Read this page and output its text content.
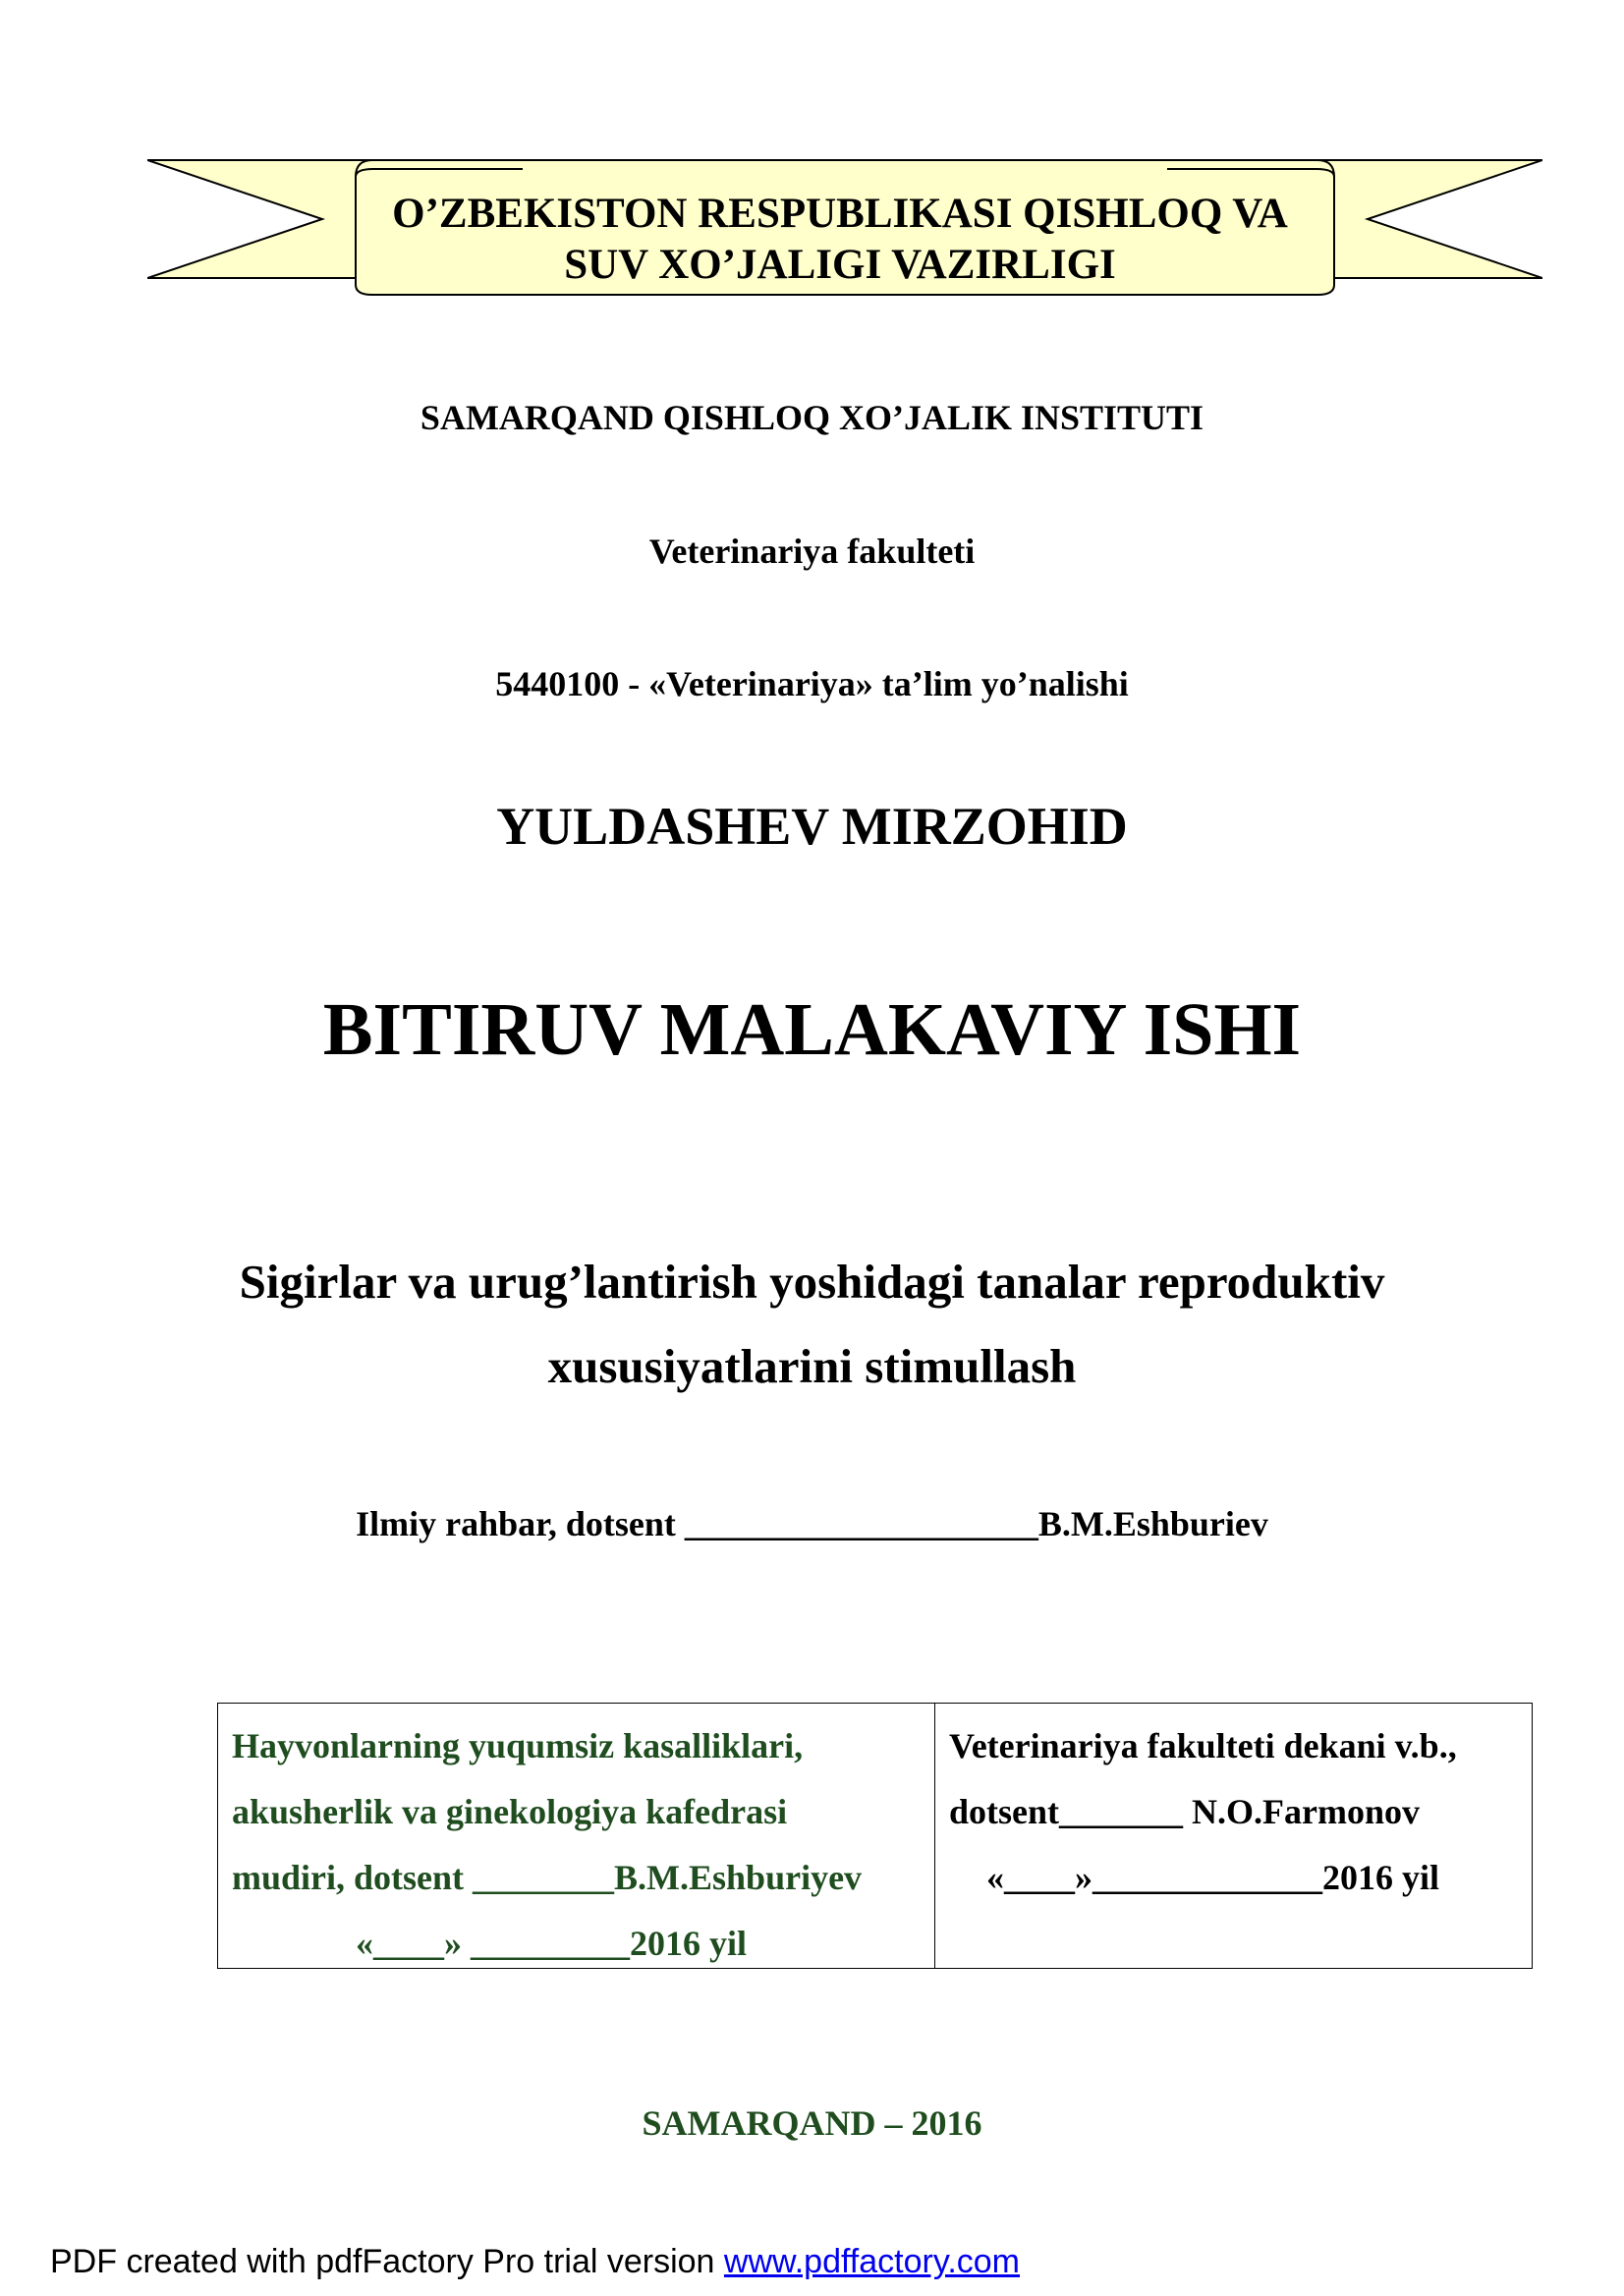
O’ZBEKISTON RESPUBLIKASI QISHLOQ VA
SUV XO’JALIGI VAZIRLIGI
SAMARQAND QISHLOQ XO’JALIK INSTITUTI
Veterinariya fakulteti
5440100 - «Veterinariya» ta’lim yo’nalishi
YULDASHEV MIRZOHID
BITIRUV MALAKAVIY ISHI
Sigirlar va urug’lantirish yoshidagi tanalar reproduktiv
xususiyatlarini stimullash
Ilmiy rahbar, dotsent ____________________B.M.Eshburiev
Hayvonlarning yuqumsiz kasalliklari,
akusherlik va ginekologiya kafedrasi
mudiri, dotsent ________B.M.Eshburiyev
«____» _________2016 yil
Veterinariya fakulteti dekani v.b.,
dotsent_______ N.O.Farmonov
«____»_____________2016 yil
SAMARQAND – 2016
PDF created with pdfFactory Pro trial version www.pdffactory.com
